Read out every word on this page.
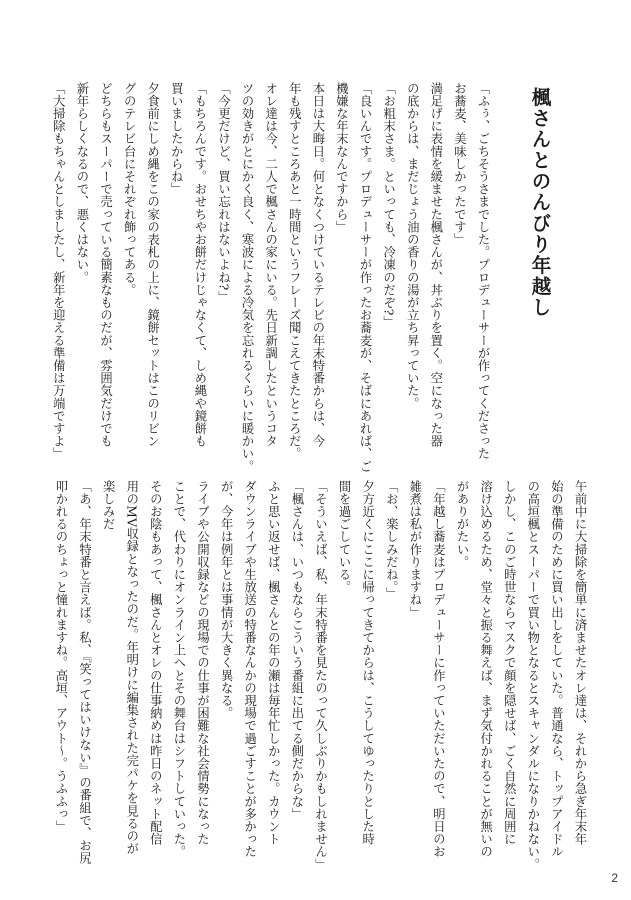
楓さんとのんびり年越し
「ふぅ、ごちそうさまでした。プロデューサーが作ってくださった
お蕎麦、美味しかったです」
満足げに表情を緩ませた楓さんが、丼ぶりを置く。空になった器
の底からは、まだじょう油の香りの湯が立ち昇っていた。
「お粗末さま。といっても、冷凍のだぞ?」
「良いんです。プロデューサーが作ったお蕎麦が、そばにあれば、ご
機嫌な年末なんですから」
本日は大晦日。何となくつけているテレビの年末特番からは、今
年も残すところあと一時間というフレーズ聞こえてきたところだ。
オレ達は今、二人で楓さんの家にいる。先日新調したというコタ
ツの効きがとにかく良く、寒波による冷気を忘れるくらいに暖かい。
「今更だけど、買い忘れはないよね?」
「もちろんです。おせちやお餅だけじゃなくて、しめ縄や鏡餅も
買いましたからね」
夕食前にしめ縄をこの家の表札の上に、鏡餅セットはこのリビン
グのテレビ台にそれぞれ飾ってある。
どちらもスーパーで売っている簡素なものだが、雰囲気だけでも
新年らしくなるので、悪くはない。
「大掃除もちゃんとしましたし、新年を迎える準備は万端ですよ」
午前中に大掃除を簡単に済ませたオレ達は、それから急ぎ年末年
始の準備のために買い出しをしていた。普通なら、トップアイドル
の高垣楓とスーパーで買い物となるとスキャンダルになりかねない。
しかし、このご時世ならマスクで顔を隠せば、ごく自然に周囲に
溶け込めるため、堂々と振る舞えば、まず気付かれることが無いの
がありがたい。
「年越し蕎麦はプロデューサーに作っていただいたので、明日のお
雑煮は私が作りますね」
「お、楽しみだね。」
夕方近くにここに帰ってきてからは、こうしてゆったりとした時
間を過ごしている。
「そういえば、私、年末特番を見たのって久しぶりかもしれません」
「楓さんは、いつもならこういう番組に出てる側だからな」
ふと思い返せば、楓さんとの年の瀬は毎年忙しかった。カウント
ダウンライブや生放送の特番なんかの現場で過ごすことが多かった
が、今年は例年とは事情が大きく異なる。
ライブや公開収録などの現場での仕事が困難な社会情勢になった
ことで、代わりにオンライン上へとその舞台はシフトしていった。
そのお陰もあって、楓さんとオレの仕事納めは昨日のネット配信
用のMV収録となったのだ。年明けに編集された完パケを見るのが
楽しみだ
「あ、年末特番と言えば。私、『笑ってはいけない』の番組で、お尻
叩かれるのちょっと憧れますね。高垣、アウト〜。うふふっ」
2
